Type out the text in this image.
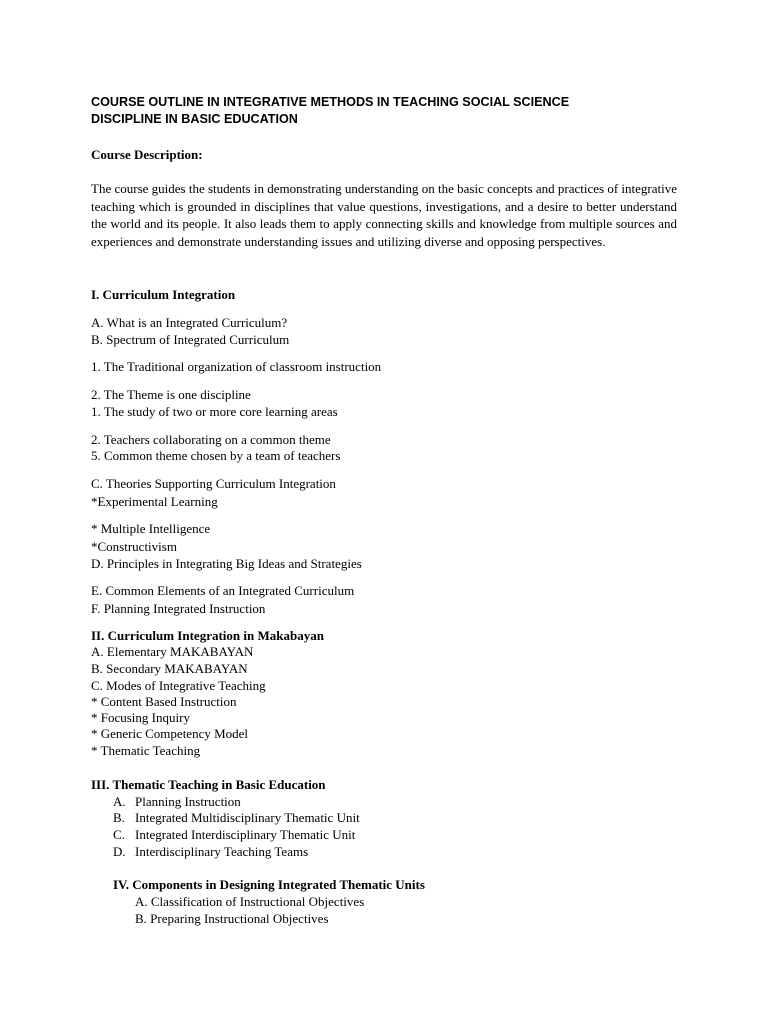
COURSE OUTLINE IN INTEGRATIVE METHODS IN TEACHING SOCIAL SCIENCE
DISCIPLINE IN BASIC EDUCATION
Course Description:
The course guides the students in demonstrating understanding on the basic concepts and practices of integrative teaching which is grounded in disciplines that value questions, investigations, and a desire to better understand the world and its people. It also leads them to apply connecting skills and knowledge from multiple sources and experiences and demonstrate understanding issues and utilizing diverse and opposing perspectives.
I. Curriculum Integration
A. What is an Integrated Curriculum?
B. Spectrum of Integrated Curriculum
1. The Traditional organization of classroom instruction
2. The Theme is one discipline
1. The study of two or more core learning areas
2. Teachers collaborating on a common theme
5. Common theme chosen by a team of teachers
C. Theories Supporting Curriculum Integration
*Experimental Learning
* Multiple Intelligence
*Constructivism
D. Principles in Integrating Big Ideas and Strategies
E. Common Elements of an Integrated Curriculum
F. Planning Integrated Instruction
II. Curriculum Integration in Makabayan
A. Elementary MAKABAYAN
B. Secondary MAKABAYAN
C. Modes of Integrative Teaching
* Content Based Instruction
* Focusing Inquiry
* Generic Competency Model
* Thematic Teaching
III. Thematic Teaching in Basic Education
A. Planning Instruction
B. Integrated Multidisciplinary Thematic Unit
C. Integrated Interdisciplinary Thematic Unit
D. Interdisciplinary Teaching Teams
IV. Components in Designing Integrated Thematic Units
A. Classification of Instructional Objectives
B. Preparing Instructional Objectives
